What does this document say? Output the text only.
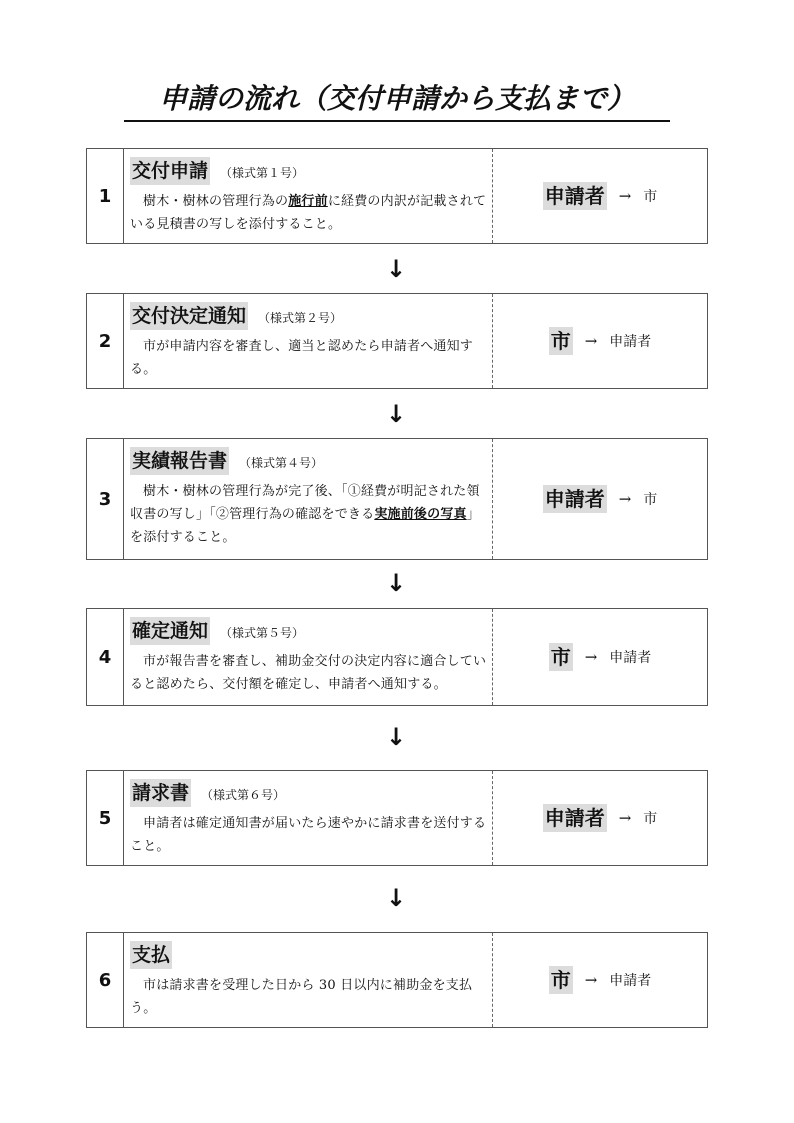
申請の流れ（交付申請から支払まで）
1
交付申請 （様式第１号）
樹木・樹林の管理行為の施行前に経費の内訳が記載されている見積書の写しを添付すること。
申請者 → 市
↓
2
交付決定通知 （様式第２号）
市が申請内容を審査し、適当と認めたら申請者へ通知する。
市 → 申請者
↓
3
実績報告書 （様式第４号）
樹木・樹林の管理行為が完了後、「①経費が明記された領収書の写し」「②管理行為の確認をできる実施前後の写真」を添付すること。
申請者 → 市
↓
4
確定通知 （様式第５号）
市が報告書を審査し、補助金交付の決定内容に適合していると認めたら、交付額を確定し、申請者へ通知する。
市 → 申請者
↓
5
請求書 （様式第６号）
申請者は確定通知書が届いたら速やかに請求書を送付すること。
申請者 → 市
↓
6
支払
市は請求書を受理した日から 30 日以内に補助金を支払う。
市 → 申請者
